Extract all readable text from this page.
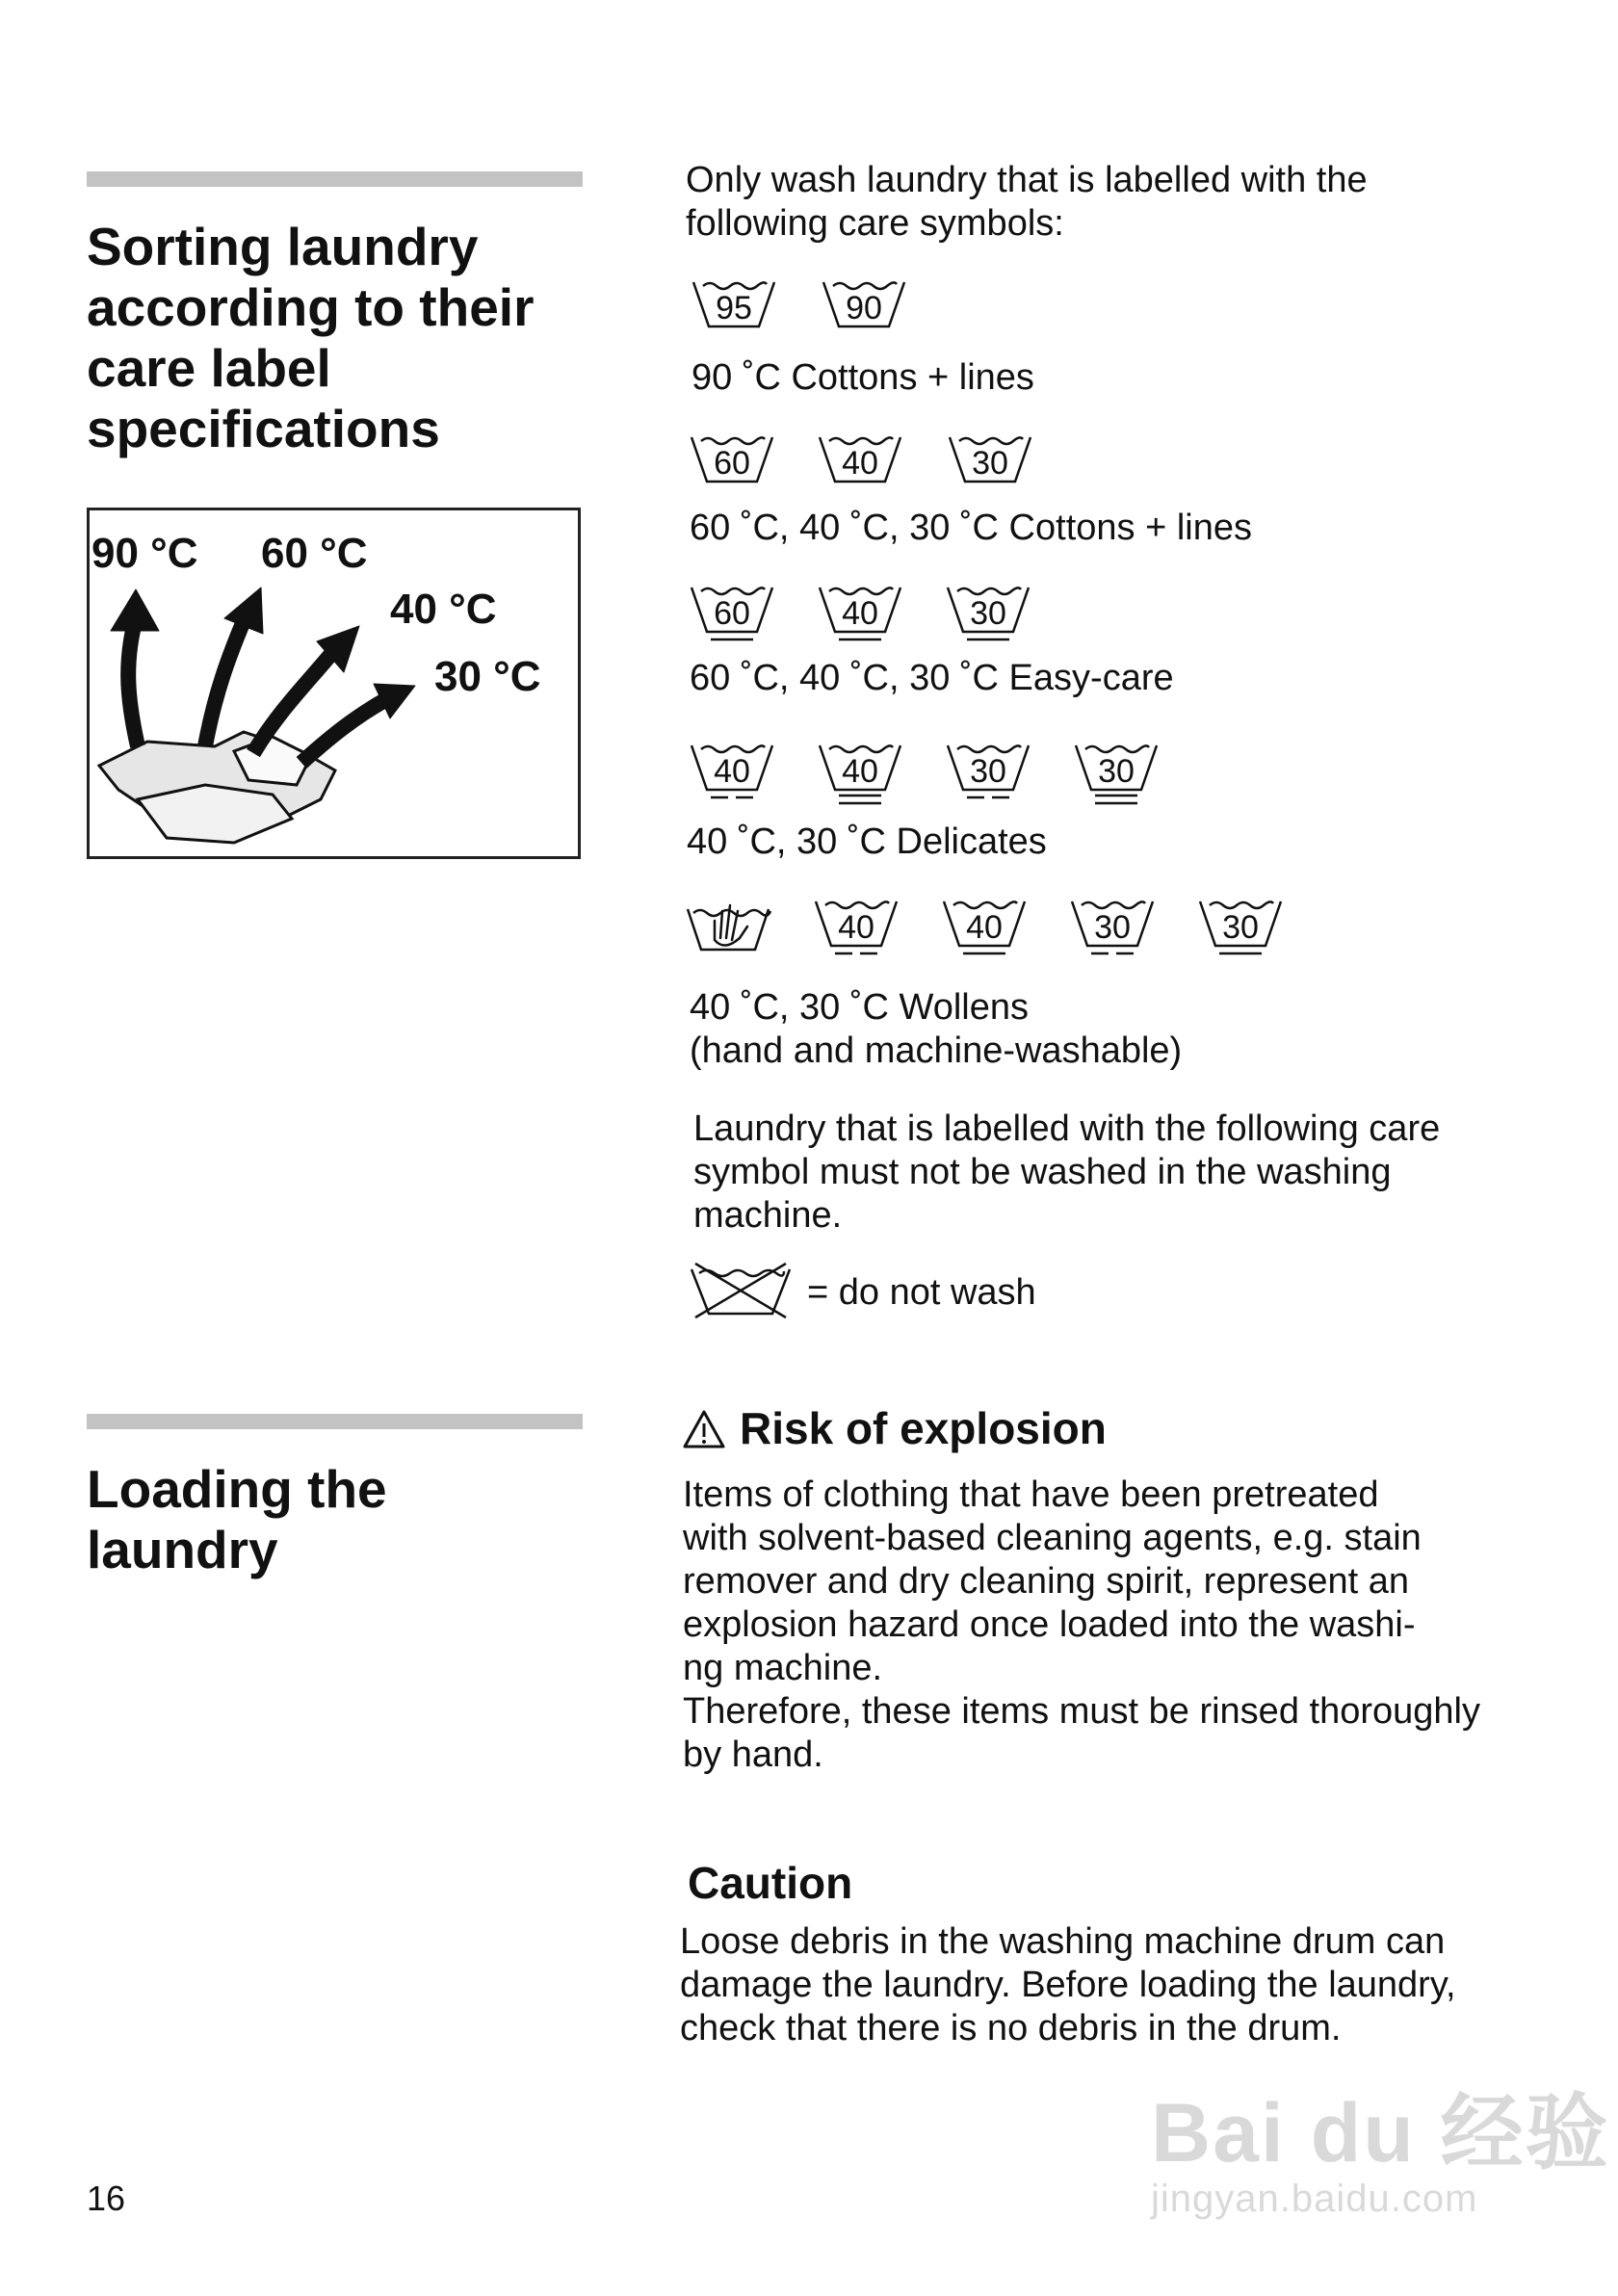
Sorting laundry
according to their
care label
specifications
90 °C 60 °C
40 °C
30 °C
Loading the
laundry
16

Only wash laundry that is labelled with the
following care symbols:

95	90

90 ˚C Cottons + lines

60	40	30

60 ˚C, 40 ˚C, 30 ˚C Cottons + lines

60	40	30

60 ˚C, 40 ˚C, 30 ˚C Easy-care

40	40	30	30

40 ˚C, 30 ˚C Delicates

40	40	30	30

40 ˚C, 30 ˚C Wollens
(hand and machine-washable)

Laundry that is labelled with the following care
symbol must not be washed in the washing
machine.

= do not wash

Risk of explosion

Items of clothing that have been pretreated
with solvent-based cleaning agents, e.g. stain
remover and dry cleaning spirit, represent an
explosion hazard once loaded into the washi-
ng machine.
Therefore, these items must be rinsed thoroughly
by hand.

Caution

Loose debris in the washing machine drum can
damage the laundry. Before loading the laundry,
check that there is no debris in the drum.

Bai du 经验
jingyan.baidu.com
